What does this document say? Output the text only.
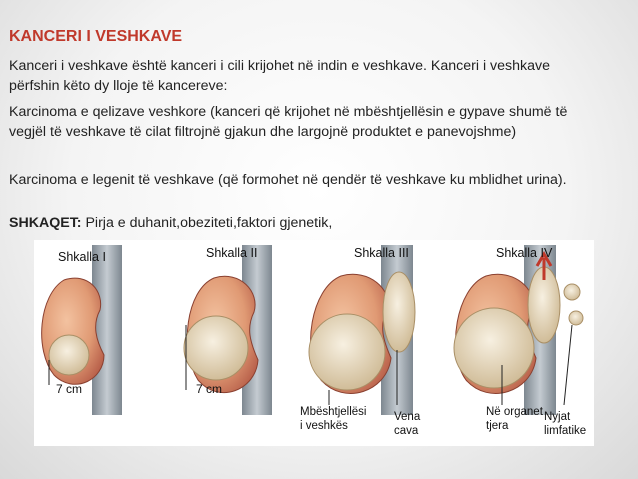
KANCERI I VESHKAVE
Kanceri i veshkave është kanceri i cili krijohet në indin e veshkave. Kanceri i veshkave përfshin këto dy lloje të kancereve:
Karcinoma e qelizave veshkore (kanceri që krijohet në mbështjellësin e gypave shumë të vegjël të veshkave të cilat filtrojnë gjakun dhe largojnë produktet e panevojshme)
Karcinoma e legenit të veshkave (që formohet në qendër të veshkave ku mblidhet urina).
SHKAQET: Pirja e duhanit,obeziteti,faktori gjenetik,
Shkalla I	Shkalla II	Shkalla III	Shkalla IV
7 cm	7 cm
Mbështjellësi
i veshkës
Vena
cava
Në organet
tjera
Nyjat
limfatike
